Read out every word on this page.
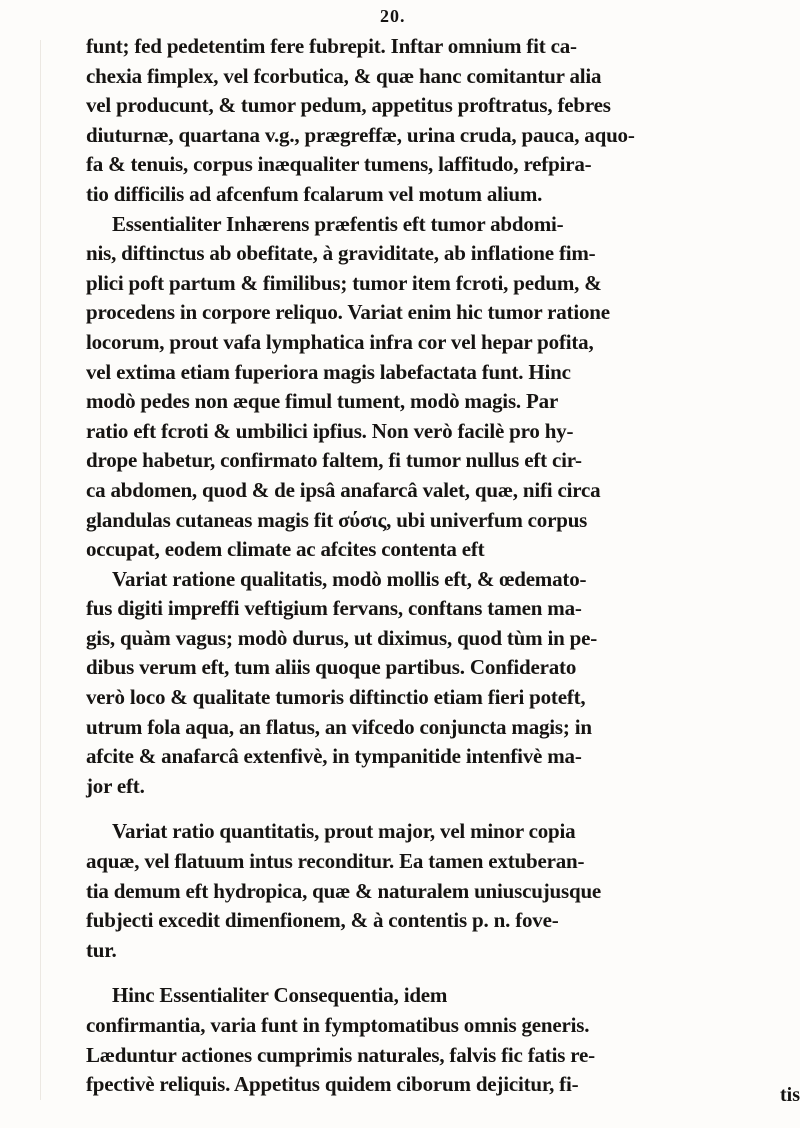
20.
funt; fed pedetentim fere fubrepit. Inftar omnium fit ca-
chexia fimplex, vel fcorbutica, & quæ hanc comitantur alia
vel producunt, & tumor pedum, appetitus proftratus, febres
diuturnæ, quartana v.g., prægreffæ, urina cruda, pauca, aquo-
fa & tenuis, corpus inæqualiter tumens, laffitudo, refpira-
tio difficilis ad afcenfum fcalarum vel motum alium.
Essentialiter Inhærens præfentis eft tumor abdomi-
nis, diftinctus ab obefitate, à graviditate, ab inflatione fim-
plici poft partum & fimilibus; tumor item fcroti, pedum, &
procedens in corpore reliquo. Variat enim hic tumor ratione
locorum, prout vafa lymphatica infra cor vel hepar pofita,
vel extima etiam fuperiora magis labefactata funt. Hinc
modò pedes non æque fimul tument, modò magis. Par
ratio eft fcroti & umbilici ipfius. Non verò facilè pro hy-
drope habetur, confirmato faltem, fi tumor nullus eft cir-
ca abdomen, quod & de ipsâ anafarcâ valet, quæ, nifi circa
glandulas cutaneas magis fit σύσις, ubi univerfum corpus
occupat, eodem climate ac afcites contenta eft
Variat ratione qualitatis, modò mollis eft, & œdemato-
fus digiti impreffi veftigium fervans, conftans tamen ma-
gis, quàm vagus; modò durus, ut diximus, quod tùm in pe-
dibus verum eft, tum aliis quoque partibus. Confiderato
verò loco & qualitate tumoris diftinctio etiam fieri poteft,
utrum fola aqua, an flatus, an vifcedo conjuncta magis; in
afcite & anafarcâ extenfivè, in tympanitide intenfivè ma-
jor eft.
Variat ratio quantitatis, prout major, vel minor copia
aquæ, vel flatuum intus reconditur. Ea tamen extuberan-
tia demum eft hydropica, quæ & naturalem uniuscujusque
fubjecti excedit dimenfionem, & à contentis p. n. fove-
tur.
Hinc Essentialiter Consequentia, idem
confirmantia, varia funt in fymptomatibus omnis generis.
Læduntur actiones cumprimis naturales, falvis fic fatis re-
fpectivè reliquis. Appetitus quidem ciborum dejicitur, fi-	tis
